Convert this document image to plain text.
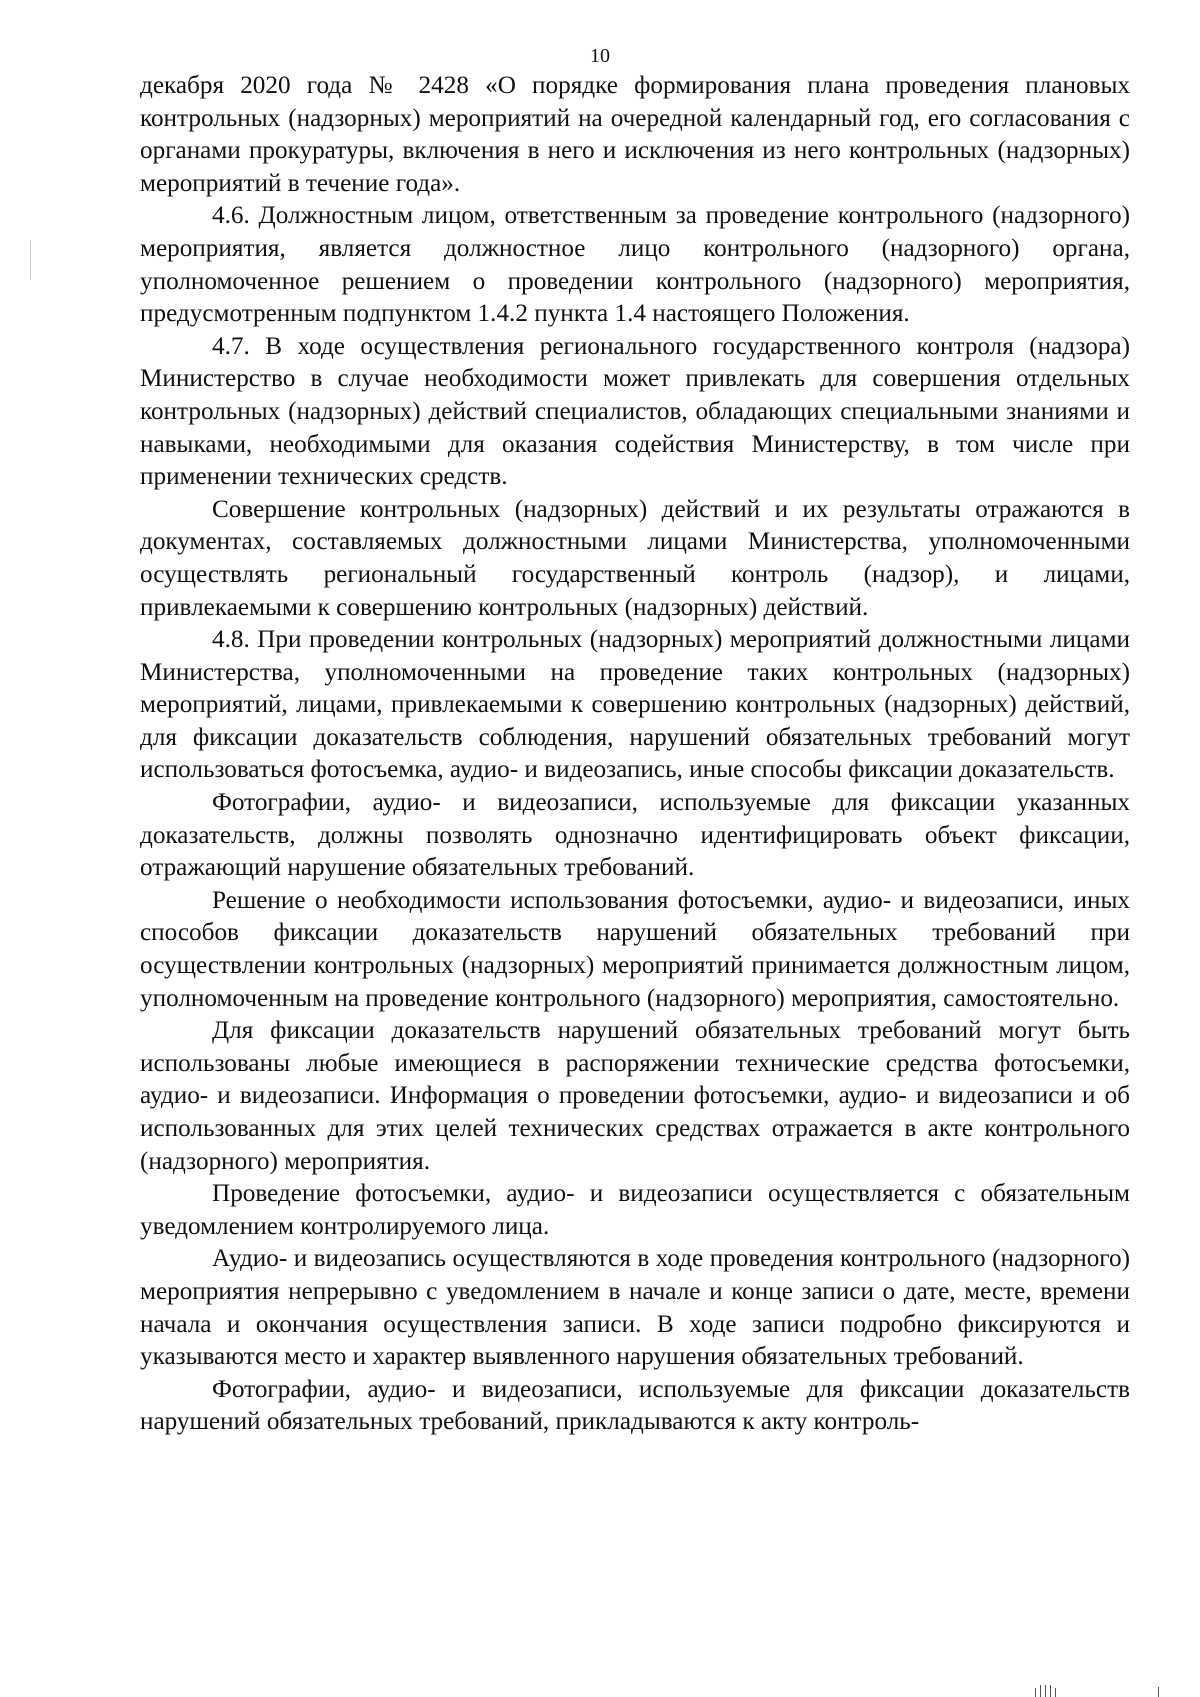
10

декабря 2020 года № 2428 «О порядке формирования плана проведения плановых контрольных (надзорных) мероприятий на очередной календарный год, его согласования с органами прокуратуры, включения в него и исключения из него контрольных (надзорных) мероприятий в течение года».

4.6. Должностным лицом, ответственным за проведение контрольного (надзорного) мероприятия, является должностное лицо контрольного (надзорного) органа, уполномоченное решением о проведении контрольного (надзорного) мероприятия, предусмотренным подпунктом 1.4.2 пункта 1.4 настоящего Положения.

4.7. В ходе осуществления регионального государственного контроля (надзора) Министерство в случае необходимости может привлекать для совершения отдельных контрольных (надзорных) действий специалистов, обладающих специальными знаниями и навыками, необходимыми для оказания содействия Министерству, в том числе при применении технических средств.

Совершение контрольных (надзорных) действий и их результаты отражаются в документах, составляемых должностными лицами Министерства, уполномоченными осуществлять региональный государственный контроль (надзор), и лицами, привлекаемыми к совершению контрольных (надзорных) действий.

4.8. При проведении контрольных (надзорных) мероприятий должностными лицами Министерства, уполномоченными на проведение таких контрольных (надзорных) мероприятий, лицами, привлекаемыми к совершению контрольных (надзорных) действий, для фиксации доказательств соблюдения, нарушений обязательных требований могут использоваться фотосъемка, аудио- и видеозапись, иные способы фиксации доказательств.

Фотографии, аудио- и видеозаписи, используемые для фиксации указанных доказательств, должны позволять однозначно идентифицировать объект фиксации, отражающий нарушение обязательных требований.

Решение о необходимости использования фотосъемки, аудио- и видеозаписи, иных способов фиксации доказательств нарушений обязательных требований при осуществлении контрольных (надзорных) мероприятий принимается должностным лицом, уполномоченным на проведение контрольного (надзорного) мероприятия, самостоятельно.

Для фиксации доказательств нарушений обязательных требований могут быть использованы любые имеющиеся в распоряжении технические средства фотосъемки, аудио- и видеозаписи. Информация о проведении фотосъемки, аудио- и видеозаписи и об использованных для этих целей технических средствах отражается в акте контрольного (надзорного) мероприятия.

Проведение фотосъемки, аудио- и видеозаписи осуществляется с обязательным уведомлением контролируемого лица.

Аудио- и видеозапись осуществляются в ходе проведения контрольного (надзорного) мероприятия непрерывно с уведомлением в начале и конце записи о дате, месте, времени начала и окончания осуществления записи. В ходе записи подробно фиксируются и указываются место и характер выявленного нарушения обязательных требований.

Фотографии, аудио- и видеозаписи, используемые для фиксации доказательств нарушений обязательных требований, прикладываются к акту контроль-
